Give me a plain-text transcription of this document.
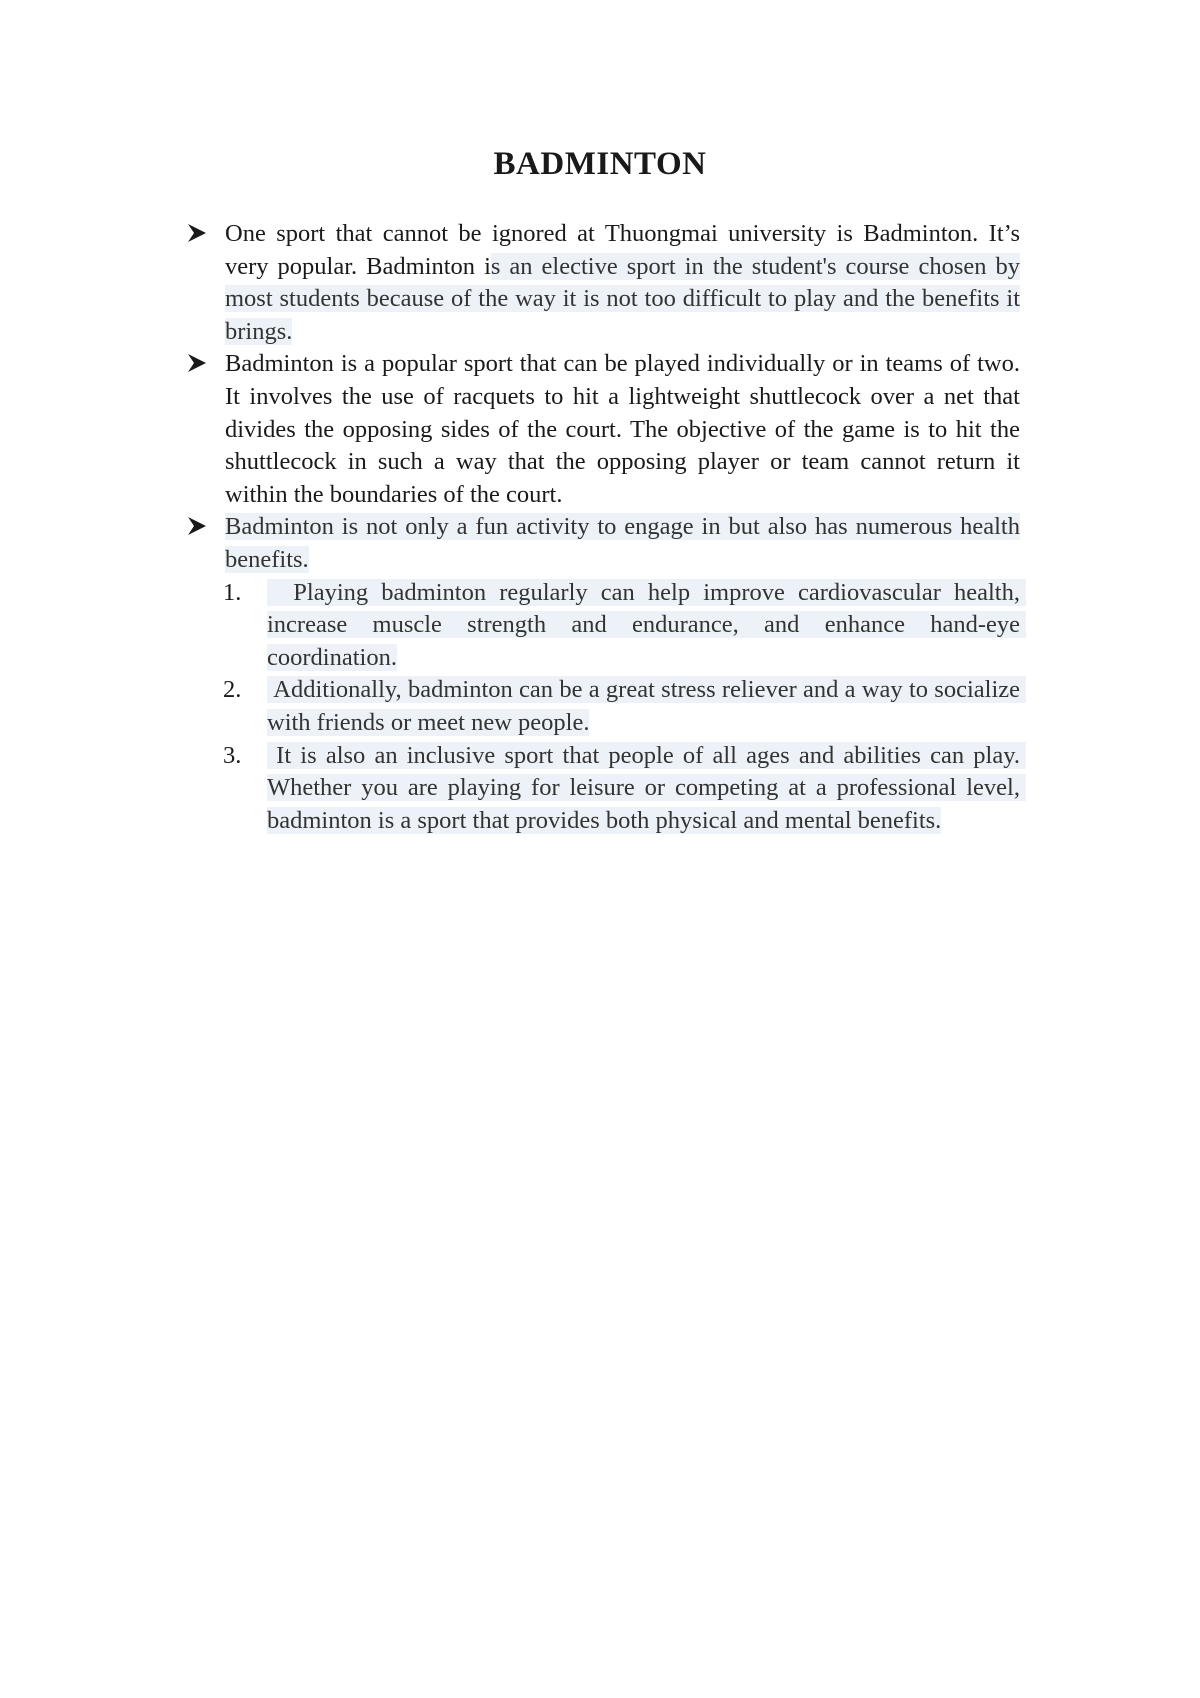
BADMINTON
One sport that cannot be ignored at Thuongmai university is Badminton. It’s very popular. Badminton is an elective sport in the student's course chosen by most students because of the way it is not too difficult to play and the benefits it brings.
Badminton is a popular sport that can be played individually or in teams of two. It involves the use of racquets to hit a lightweight shuttlecock over a net that divides the opposing sides of the court. The objective of the game is to hit the shuttlecock in such a way that the opposing player or team cannot return it within the boundaries of the court.
Badminton is not only a fun activity to engage in but also has numerous health benefits.
1. Playing badminton regularly can help improve cardiovascular health, increase muscle strength and endurance, and enhance hand-eye coordination.
2. Additionally, badminton can be a great stress reliever and a way to socialize with friends or meet new people.
3. It is also an inclusive sport that people of all ages and abilities can play. Whether you are playing for leisure or competing at a professional level, badminton is a sport that provides both physical and mental benefits.
